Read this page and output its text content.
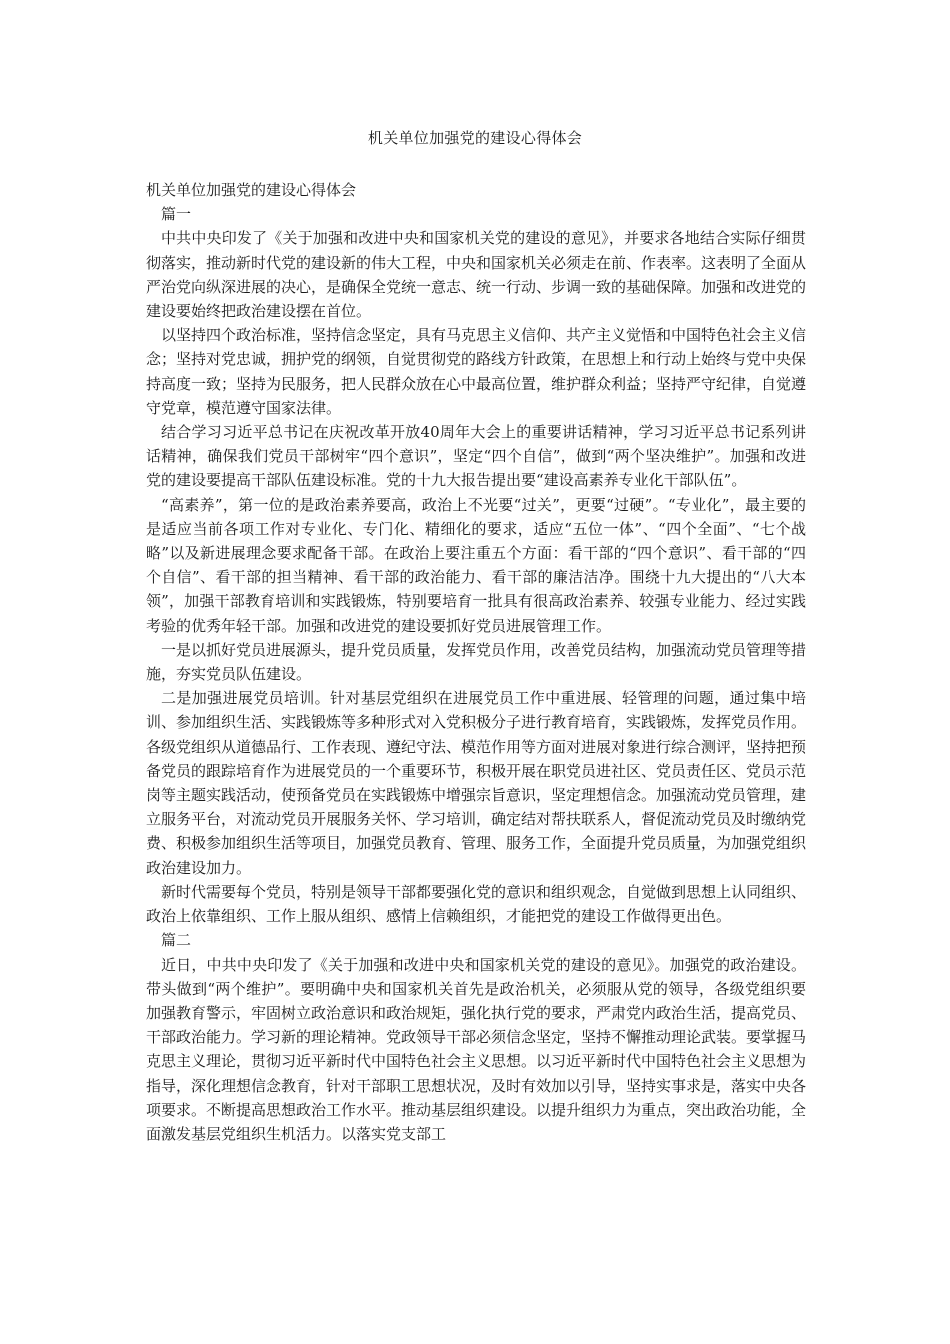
机关单位加强党的建设心得体会

机关单位加强党的建设心得体会

篇一

中共中央印发了《关于加强和改进中央和国家机关党的建设的意见》，并要求各地结合实际仔细贯彻落实，推动新时代党的建设新的伟大工程，中央和国家机关必须走在前、作表率。这表明了全面从严治党向纵深进展的决心，是确保全党统一意志、统一行动、步调一致的基础保障。加强和改进党的建设要始终把政治建设摆在首位。

以坚持四个政治标准，坚持信念坚定，具有马克思主义信仰、共产主义觉悟和中国特色社会主义信念；坚持对党忠诚，拥护党的纲领，自觉贯彻党的路线方针政策，在思想上和行动上始终与党中央保持高度一致；坚持为民服务，把人民群众放在心中最高位置，维护群众利益；坚持严守纪律，自觉遵守党章，模范遵守国家法律。

结合学习习近平总书记在庆祝改革开放40周年大会上的重要讲话精神，学习习近平总书记系列讲话精神，确保我们党员干部树牢“四个意识”，坚定“四个自信”，做到“两个坚决维护”。加强和改进党的建设要提高干部队伍建设标准。党的十九大报告提出要“建设高素养专业化干部队伍”。

“高素养”，第一位的是政治素养要高，政治上不光要“过关”，更要“过硬”。“专业化”，最主要的是适应当前各项工作对专业化、专门化、精细化的要求，适应“五位一体”、“四个全面”、“七个战略”以及新进展理念要求配备干部。在政治上要注重五个方面：看干部的“四个意识”、看干部的“四个自信”、看干部的担当精神、看干部的政治能力、看干部的廉洁洁净。围绕十九大提出的“八大本领”，加强干部教育培训和实践锻炼，特别要培育一批具有很高政治素养、较强专业能力、经过实践考验的优秀年轻干部。加强和改进党的建设要抓好党员进展管理工作。

一是以抓好党员进展源头，提升党员质量，发挥党员作用，改善党员结构，加强流动党员管理等措施，夯实党员队伍建设。

二是加强进展党员培训。针对基层党组织在进展党员工作中重进展、轻管理的问题，通过集中培训、参加组织生活、实践锻炼等多种形式对入党积极分子进行教育培育，实践锻炼，发挥党员作用。各级党组织从道德品行、工作表现、遵纪守法、模范作用等方面对进展对象进行综合测评，坚持把预备党员的跟踪培育作为进展党员的一个重要环节，积极开展在职党员进社区、党员责任区、党员示范岗等主题实践活动，使预备党员在实践锻炼中增强宗旨意识，坚定理想信念。加强流动党员管理，建立服务平台，对流动党员开展服务关怀、学习培训，确定结对帮扶联系人，督促流动党员及时缴纳党费、积极参加组织生活等项目，加强党员教育、管理、服务工作，全面提升党员质量，为加强党组织政治建设加力。

新时代需要每个党员，特别是领导干部都要强化党的意识和组织观念，自觉做到思想上认同组织、政治上依靠组织、工作上服从组织、感情上信赖组织，才能把党的建设工作做得更出色。

篇二

近日，中共中央印发了《关于加强和改进中央和国家机关党的建设的意见》。加强党的政治建设。带头做到“两个维护”。要明确中央和国家机关首先是政治机关，必须服从党的领导，各级党组织要加强教育警示，牢固树立政治意识和政治规矩，强化执行党的要求，严肃党内政治生活，提高党员、干部政治能力。学习新的理论精神。党政领导干部必须信念坚定，坚持不懈推动理论武装。要掌握马克思主义理论，贯彻习近平新时代中国特色社会主义思想。以习近平新时代中国特色社会主义思想为指导，深化理想信念教育，针对干部职工思想状况，及时有效加以引导，坚持实事求是，落实中央各项要求。不断提高思想政治工作水平。推动基层组织建设。以提升组织力为重点，突出政治功能，全面激发基层党组织生机活力。以落实党支部工
